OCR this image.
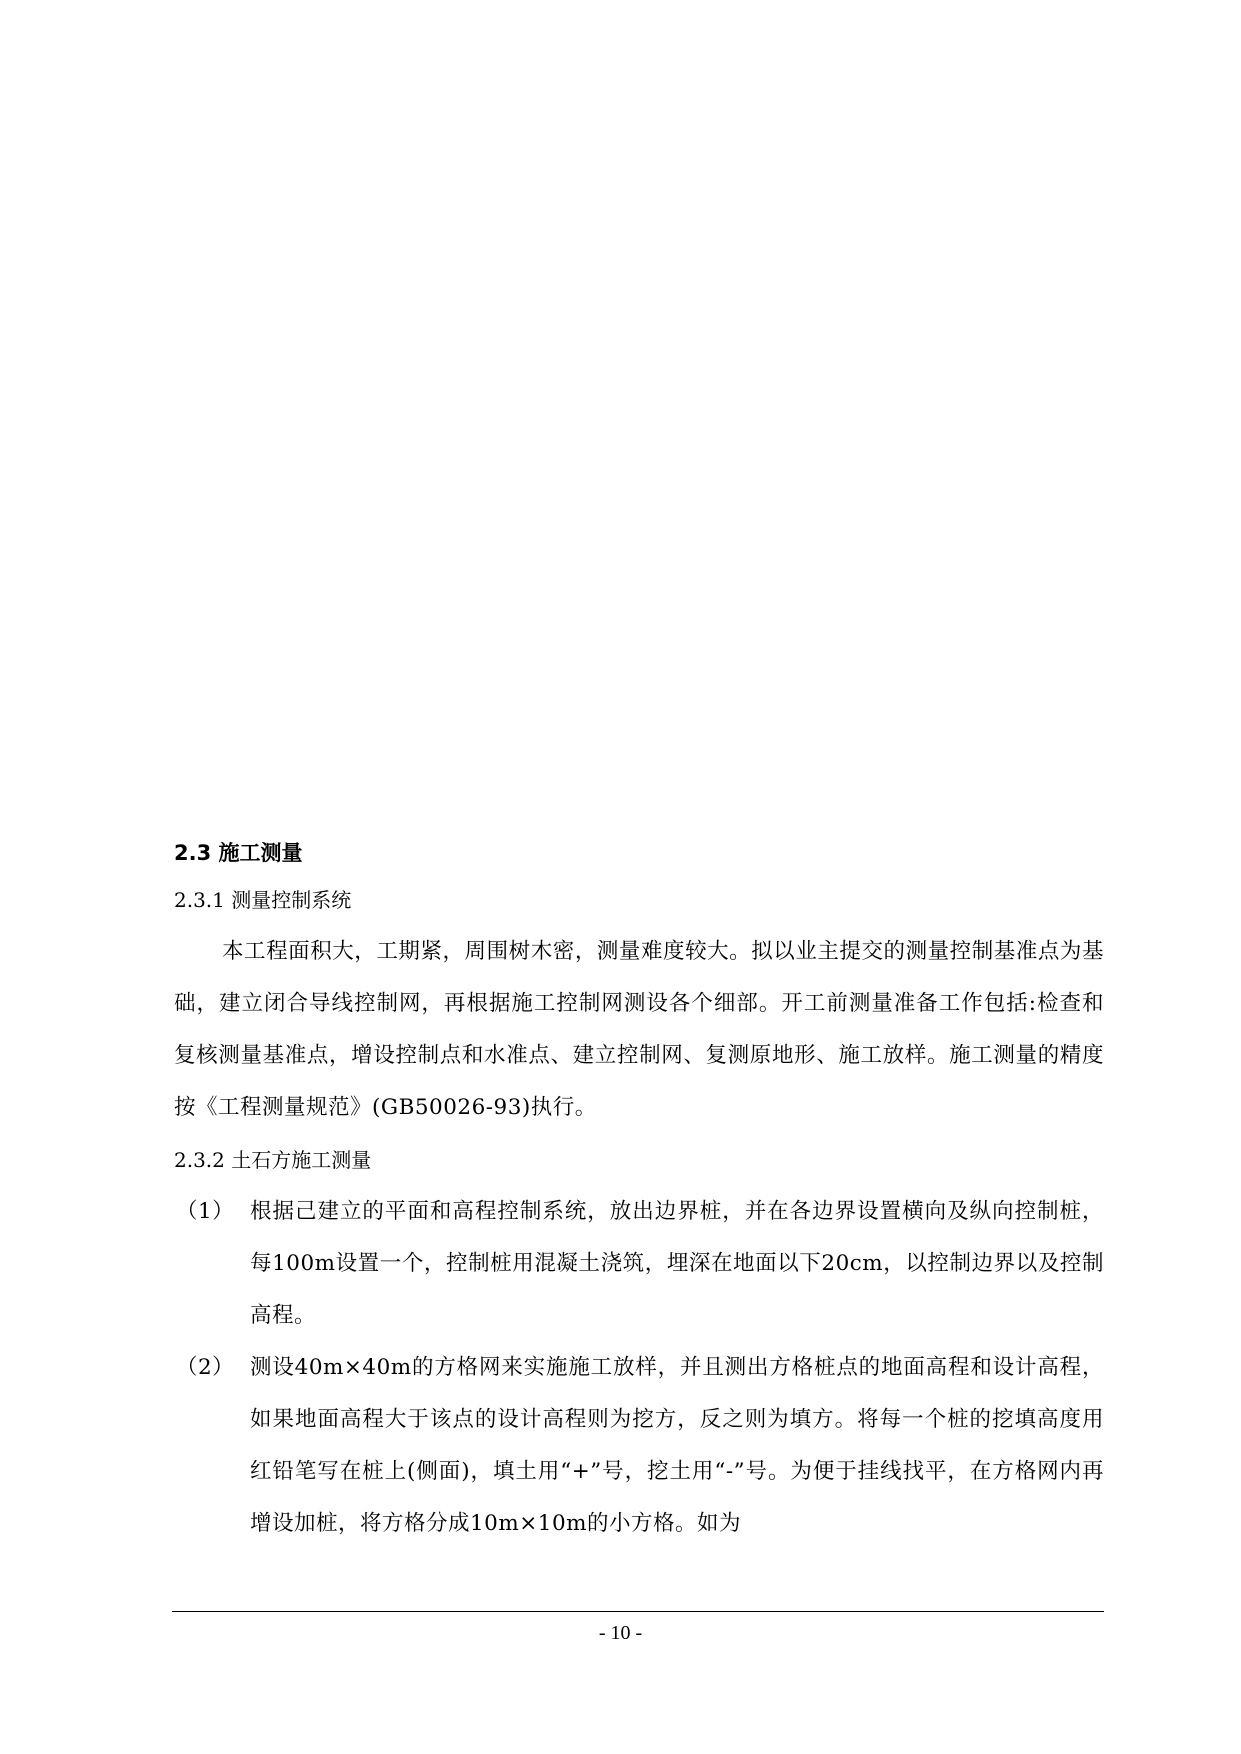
2.3 施工测量
2.3.1 测量控制系统

本工程面积大，工期紧，周围树木密，测量难度较大。拟以业主提交的测量控制基准点为基础，建立闭合导线控制网，再根据施工控制网测设各个细部。开工前测量准备工作包括:检查和复核测量基准点，增设控制点和水准点、建立控制网、复测原地形、施工放样。施工测量的精度按《工程测量规范》(GB50026-93)执行。

2.3.2 土石方施工测量
（1） 根据己建立的平面和高程控制系统，放出边界桩，并在各边界设置横向及纵向控制桩，每100m设置一个，控制桩用混凝土浇筑，埋深在地面以下20cm，以控制边界以及控制高程。
（2） 测设40m×40m的方格网来实施施工放样，并且测出方格桩点的地面高程和设计高程，如果地面高程大于该点的设计高程则为挖方，反之则为填方。将每一个桩的挖填高度用红铅笔写在桩上(侧面)，填土用“+”号，挖土用“-”号。为便于挂线找平，在方格网内再增设加桩，将方格分成10m×10m的小方格。如为
- 10 -
